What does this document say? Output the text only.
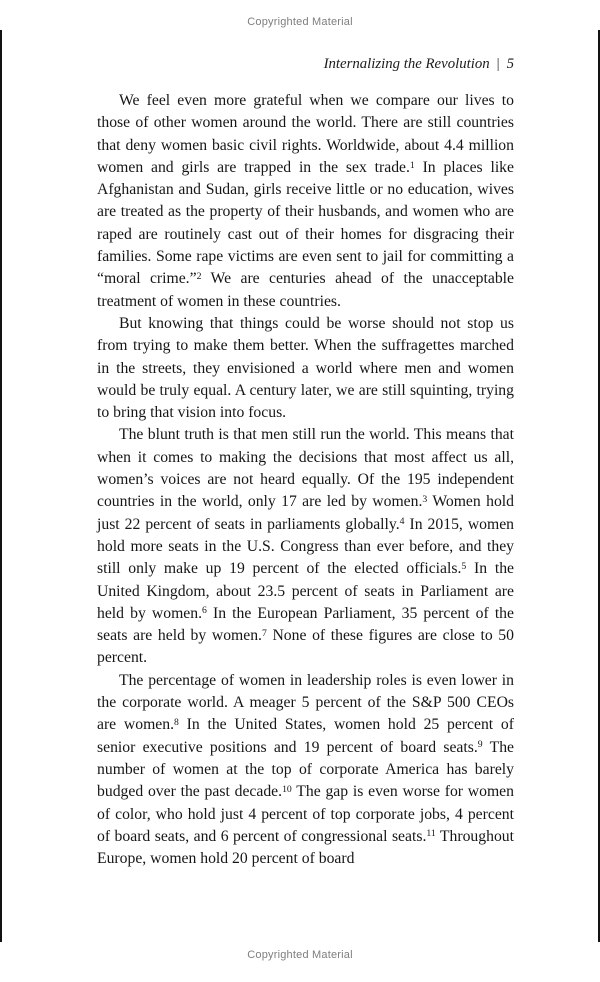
Copyrighted Material
Internalizing the Revolution | 5

We feel even more grateful when we compare our lives to those of other women around the world. There are still countries that deny women basic civil rights. Worldwide, about 4.4 million women and girls are trapped in the sex trade.$^1$ In places like Afghanistan and Sudan, girls receive little or no education, wives are treated as the property of their husbands, and women who are raped are routinely cast out of their homes for disgracing their families. Some rape victims are even sent to jail for committing a “moral crime.”$^2$ We are centuries ahead of the unacceptable treatment of women in these countries.

But knowing that things could be worse should not stop us from trying to make them better. When the suffragettes marched in the streets, they envisioned a world where men and women would be truly equal. A century later, we are still squinting, trying to bring that vision into focus.

The blunt truth is that men still run the world. This means that when it comes to making the decisions that most affect us all, women’s voices are not heard equally. Of the 195 independent countries in the world, only 17 are led by women.$^3$ Women hold just 22 percent of seats in parliaments globally.$^4$ In 2015, women hold more seats in the U.S. Congress than ever before, and they still only make up 19 percent of the elected officials.$^5$ In the United Kingdom, about 23.5 percent of seats in Parliament are held by women.$^6$ In the European Parliament, 35 percent of the seats are held by women.$^7$ None of these figures are close to 50 percent.

The percentage of women in leadership roles is even lower in the corporate world. A meager 5 percent of the S&P 500 CEOs are women.$^8$ In the United States, women hold 25 percent of senior executive positions and 19 percent of board seats.$^9$ The number of women at the top of corporate America has barely budged over the past decade.$^{10}$ The gap is even worse for women of color, who hold just 4 percent of top corporate jobs, 4 percent of board seats, and 6 percent of congressional seats.$^{11}$ Throughout Europe, women hold 20 percent of board

Copyrighted Material
